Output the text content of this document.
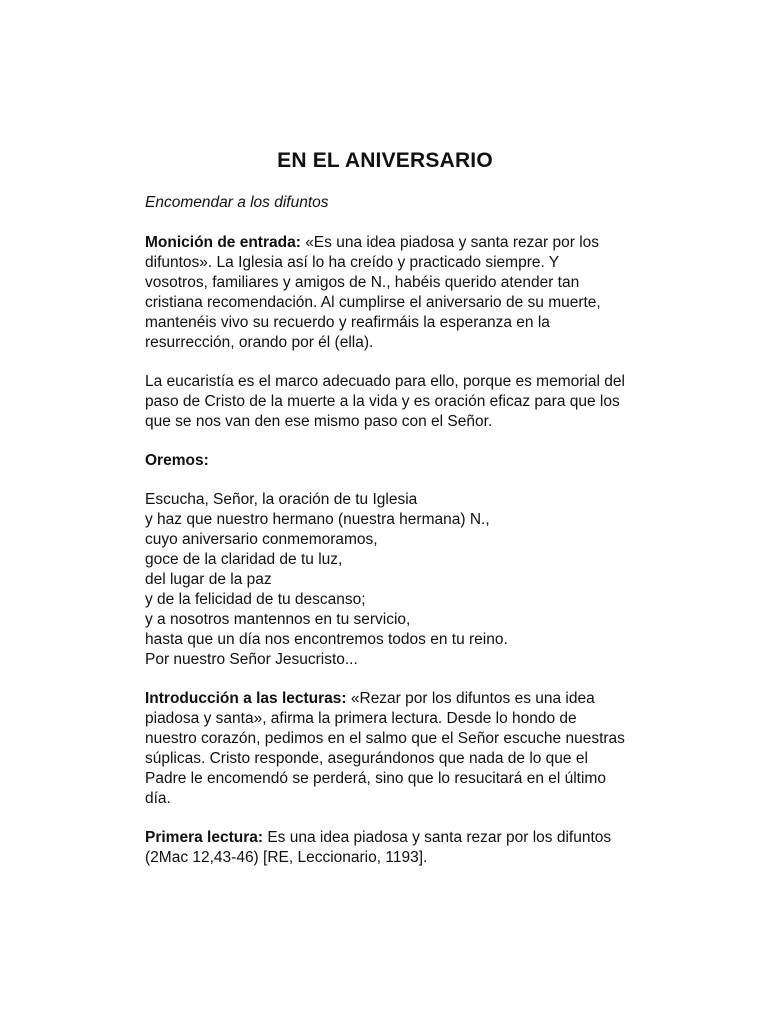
EN EL ANIVERSARIO
Encomendar a los difuntos

Monición de entrada: «Es una idea piadosa y santa rezar por los difuntos». La Iglesia así lo ha creído y practicado siempre. Y vosotros, familiares y amigos de N., habéis querido atender tan cristiana recomendación. Al cumplirse el aniversario de su muerte, mantenéis vivo su recuerdo y reafirmáis la esperanza en la resurrección, orando por él (ella).

La eucaristía es el marco adecuado para ello, porque es memorial del paso de Cristo de la muerte a la vida y es oración eficaz para que los que se nos van den ese mismo paso con el Señor.

Oremos:

Escucha, Señor, la oración de tu Iglesia
y haz que nuestro hermano (nuestra hermana) N.,
cuyo aniversario conmemoramos,
goce de la claridad de tu luz,
del lugar de la paz
y de la felicidad de tu descanso;
y a nosotros mantennos en tu servicio,
hasta que un día nos encontremos todos en tu reino.
Por nuestro Señor Jesucristo...

Introducción a las lecturas: «Rezar por los difuntos es una idea piadosa y santa», afirma la primera lectura. Desde lo hondo de nuestro corazón, pedimos en el salmo que el Señor escuche nuestras súplicas. Cristo responde, asegurándonos que nada de lo que el Padre le encomendó se perderá, sino que lo resucitará en el último día.

Primera lectura: Es una idea piadosa y santa rezar por los difuntos (2Mac 12,43-46) [RE, Leccionario, 1193].
